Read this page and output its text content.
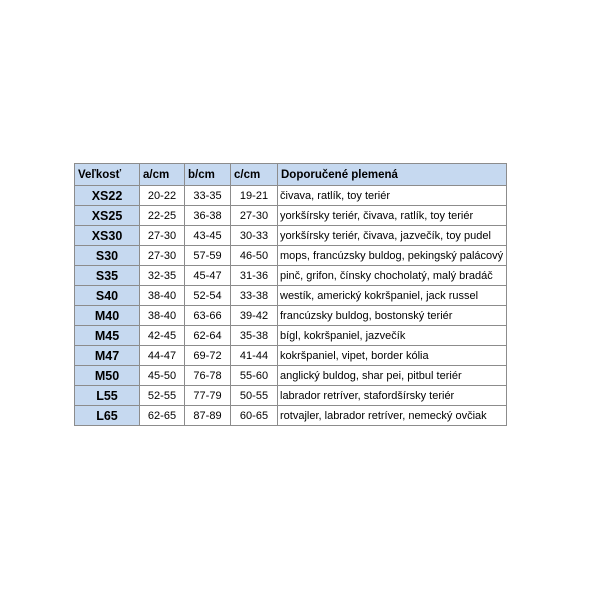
Veľkosť	a/cm	b/cm	c/cm	Doporučené plemená
XS22	20-22	33-35	19-21	čivava, ratlík, toy teriér
XS25	22-25	36-38	27-30	yorkšírsky teriér, čivava, ratlík, toy teriér
XS30	27-30	43-45	30-33	yorkšírsky teriér, čivava, jazvečík, toy pudel
S30	27-30	57-59	46-50	mops, francúzsky buldog, pekingský palácový
S35	32-35	45-47	31-36	pinč, grifon, čínsky chocholatý, malý bradáč
S40	38-40	52-54	33-38	westík, americký kokršpaniel, jack russel
M40	38-40	63-66	39-42	francúzsky buldog, bostonský teriér
M45	42-45	62-64	35-38	bígl, kokršpaniel, jazvečík
M47	44-47	69-72	41-44	kokršpaniel, vipet, border kólia
M50	45-50	76-78	55-60	anglický buldog, shar pei, pitbul teriér
L55	52-55	77-79	50-55	labrador retríver, stafordšírsky teriér
L65	62-65	87-89	60-65	rotvajler, labrador retríver, nemecký ovčiak
